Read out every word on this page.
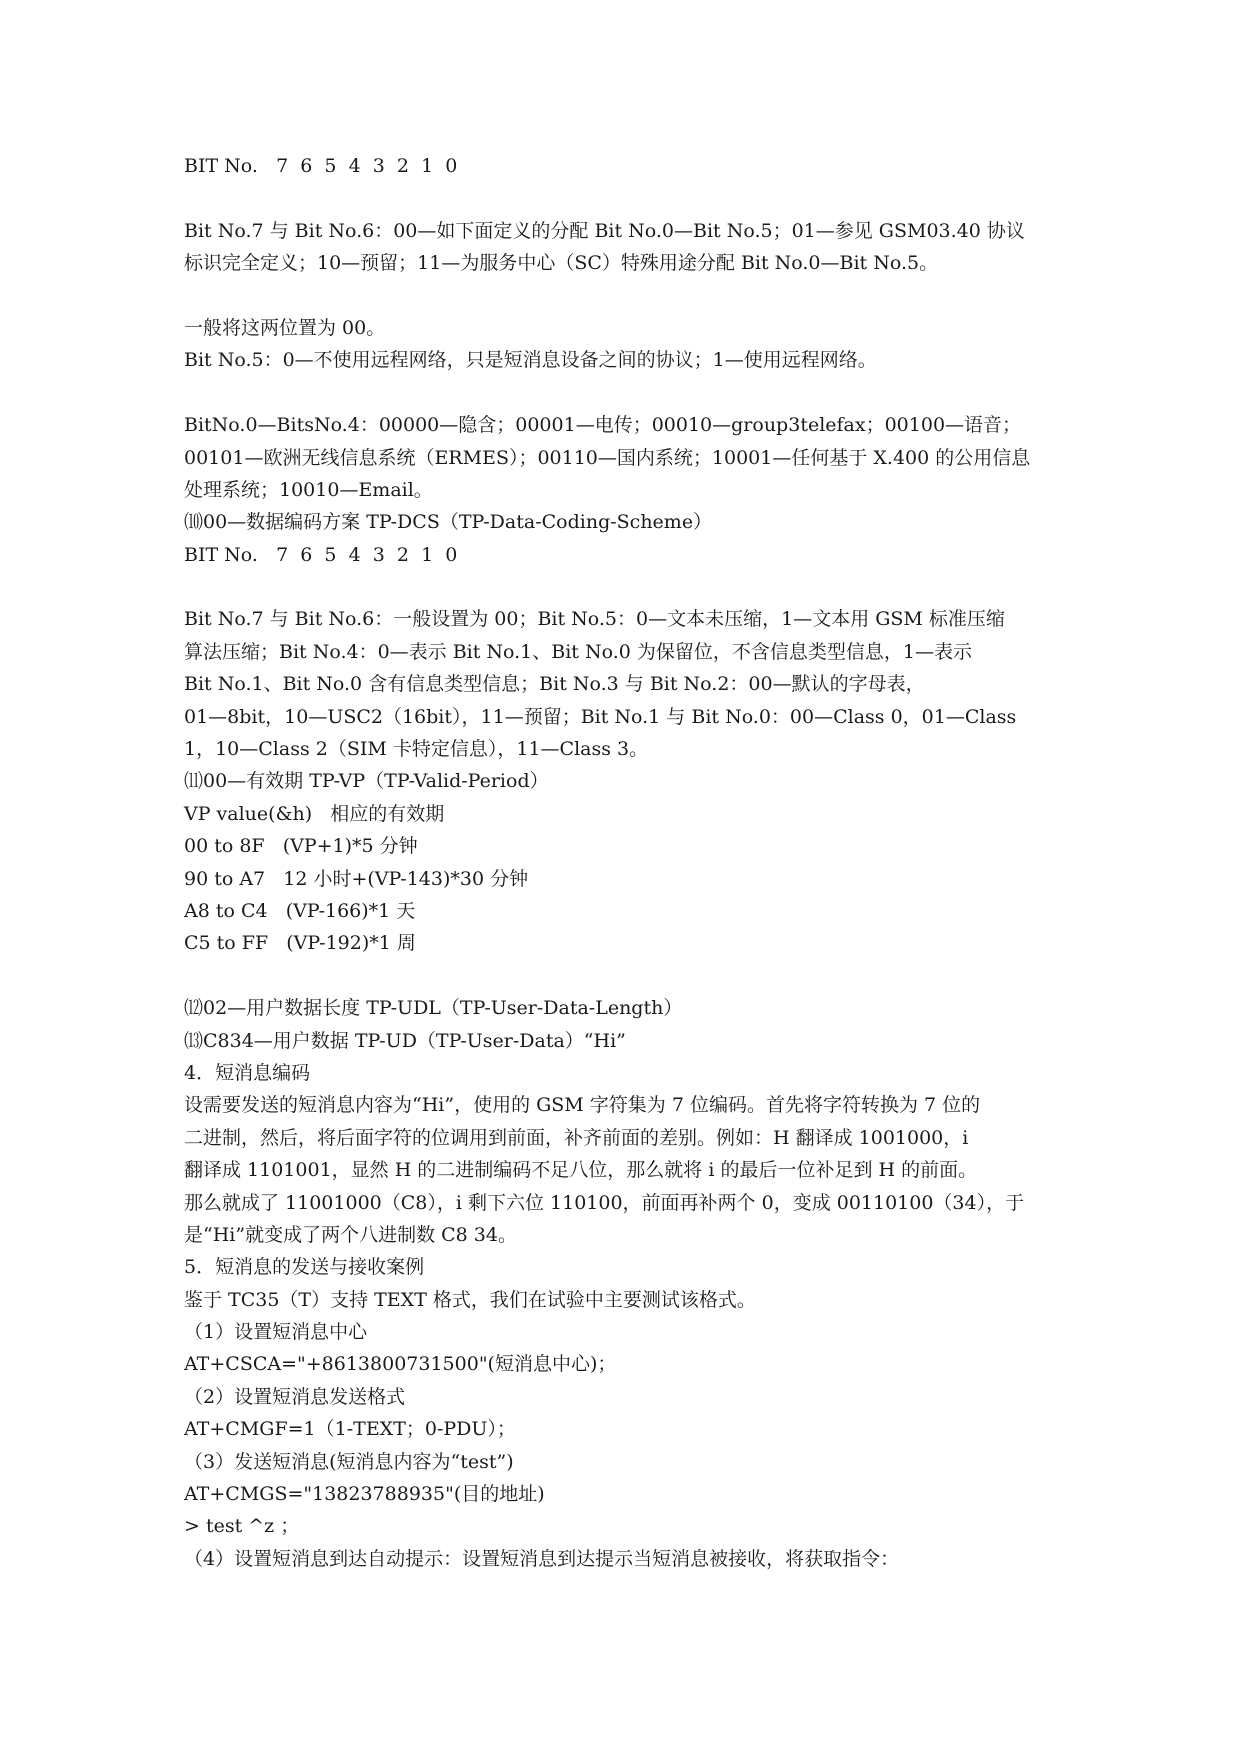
BIT No.   7  6  5  4  3  2  1  0
Bit No.7 与 Bit No.6：00—如下面定义的分配 Bit No.0—Bit No.5；01—参见 GSM03.40 协议
标识完全定义；10—预留；11—为服务中心（SC）特殊用途分配 Bit No.0—Bit No.5。
一般将这两位置为 00。
Bit No.5：0—不使用远程网络，只是短消息设备之间的协议；1—使用远程网络。
BitNo.0—BitsNo.4：00000—隐含；00001—电传；00010—group3telefax；00100—语音；
00101—欧洲无线信息系统（ERMES）；00110—国内系统；10001—任何基于 X.400 的公用信息
处理系统；10010—Email。
⑽00—数据编码方案 TP-DCS（TP-Data-Coding-Scheme）
BIT No.   7  6  5  4  3  2  1  0
Bit No.7 与 Bit No.6：一般设置为 00；Bit No.5：0—文本未压缩，1—文本用 GSM 标准压缩
算法压缩；Bit No.4：0—表示 Bit No.1、Bit No.0 为保留位，不含信息类型信息，1—表示
Bit No.1、Bit No.0 含有信息类型信息；Bit No.3 与 Bit No.2：00—默认的字母表，
01—8bit，10—USC2（16bit），11—预留；Bit No.1 与 Bit No.0：00—Class 0，01—Class
1，10—Class 2（SIM 卡特定信息），11—Class 3。
⑾00—有效期 TP-VP（TP-Valid-Period）
VP value(&h)   相应的有效期
00 to 8F   (VP+1)*5 分钟
90 to A7   12 小时+(VP-143)*30 分钟
A8 to C4   (VP-166)*1 天
C5 to FF   (VP-192)*1 周
⑿02—用户数据长度 TP-UDL（TP-User-Data-Length）
⒀C834—用户数据 TP-UD（TP-User-Data）“Hi”
4．短消息编码
设需要发送的短消息内容为“Hi”，使用的 GSM 字符集为 7 位编码。首先将字符转换为 7 位的
二进制，然后，将后面字符的位调用到前面，补齐前面的差别。例如：H 翻译成 1001000，i
翻译成 1101001，显然 H 的二进制编码不足八位，那么就将 i 的最后一位补足到 H 的前面。
那么就成了 11001000（C8），i 剩下六位 110100，前面再补两个 0，变成 00110100（34），于
是“Hi”就变成了两个八进制数 C8 34。
5．短消息的发送与接收案例
鉴于 TC35（T）支持 TEXT 格式，我们在试验中主要测试该格式。
（1）设置短消息中心
AT+CSCA="+8613800731500"(短消息中心)；
（2）设置短消息发送格式
AT+CMGF=1（1-TEXT；0-PDU）；
（3）发送短消息(短消息内容为“test”)
AT+CMGS="13823788935"(目的地址)
> test ^z ；
（4）设置短消息到达自动提示：设置短消息到达提示当短消息被接收，将获取指令：
